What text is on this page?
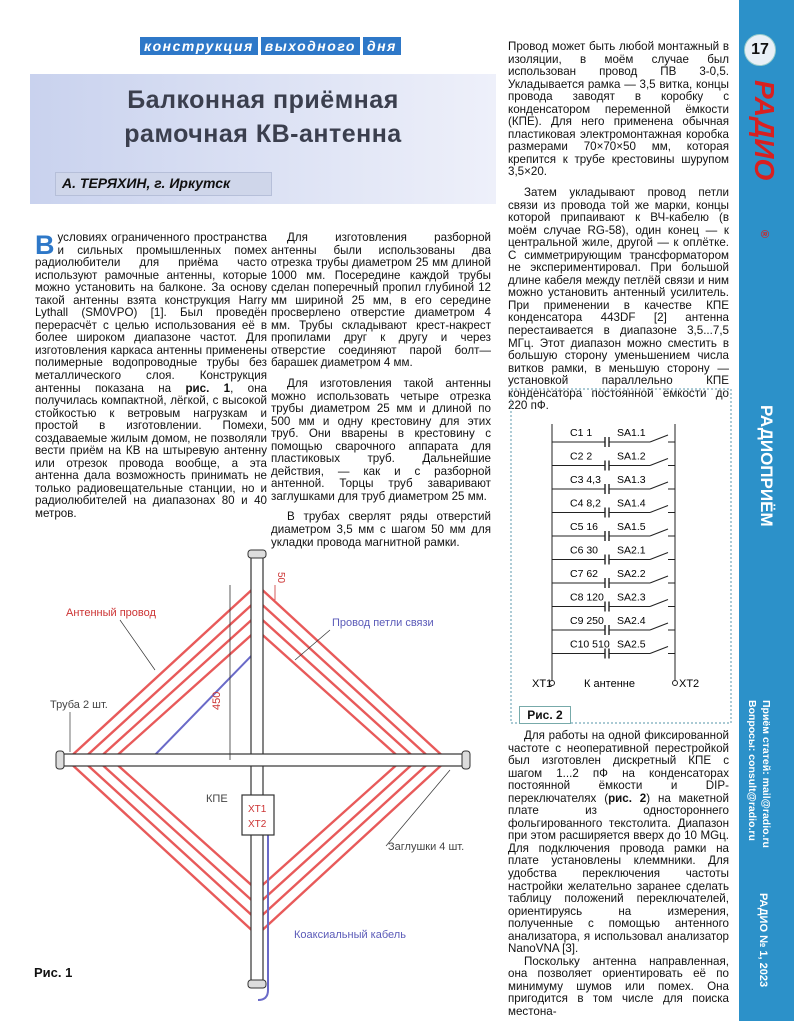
конструкция выходного дня
Балконная приёмная
рамочная КВ-антенна
А. ТЕРЯХИН, г. Иркутск

В условиях ограниченного пространства и сильных промышленных помех радиолюбители для приёма часто используют рамочные антенны, которые можно установить на балконе. За основу такой антенны взята конструкция Harry Lythall (SM0VPO) [1]. Был проведён перерасчёт с целью использования её в более широком диапазоне частот. Для изготовления каркаса антенны применены полимерные водопроводные трубы без металлического слоя. Конструкция антенны показана на рис. 1, она получилась компактной, лёгкой, с высокой стойкостью к ветровым нагрузкам и простой в изготовлении. Помехи, создаваемые жилым домом, не позволяли вести приём на КВ на штыревую антенну или отрезок провода вообще, а эта антенна дала возможность принимать не только радиовещательные станции, но и радиолюбителей на диапазонах 80 и 40 метров.

Для изготовления разборной антенны были использованы два отрезка трубы диаметром 25 мм длиной 1000 мм. Посередине каждой трубы сделан поперечный пропил глубиной 12 мм шириной 25 мм, в его середине просверлено отверстие диаметром 4 мм. Трубы складывают крест-накрест пропилами друг к другу и через отверстие соединяют парой болт—барашек диаметром 4 мм.

Для изготовления такой антенны можно использовать четыре отрезка трубы диаметром 25 мм и длиной по 500 мм и одну крестовину для этих труб. Они вварены в крестовину с помощью сварочного аппарата для пластиковых труб. Дальнейшие действия, — как и с разборной антенной. Торцы труб заваривают заглушками для труб диаметром 25 мм.

В трубах сверлят ряды отверстий диаметром 3,5 мм с шагом 50 мм для укладки провода магнитной рамки.

Провод может быть любой монтажный в изоляции, в моём случае был использован провод ПВ 3-0,5. Укладывается рамка — 3,5 витка, концы провода заводят в коробку с конденсатором переменной ёмкости (КПЕ). Для него применена обычная пластиковая электромонтажная коробка размерами 70×70×50 мм, которая крепится к трубе крестовины шурупом 3,5×20.

Затем укладывают провод петли связи из провода той же марки, концы которой припаивают к ВЧ-кабелю (в моём случае RG-58), один конец — к центральной жиле, другой — к оплётке. С симметрирующим трансформатором не экспериментировал. При большой длине кабеля между петлёй связи и ним можно установить антенный усилитель. При применении в качестве КПЕ конденсатора 443DF [2] антенна перестаивается в диапазоне 3,5...7,5 МГц. Этот диапазон можно сместить в большую сторону уменьшением числа витков рамки, в меньшую сторону — установкой параллельно КПЕ конденсатора постоянной ёмкости до 220 пФ.

Для работы на одной фиксированной частоте с неоперативной перестройкой был изготовлен дискретный КПЕ с шагом 1...2 пФ на конденсаторах постоянной ёмкости и DIP-переключателях (рис. 2) на макетной плате из одностороннего фольгированного текстолита. Диапазон при этом расширяется вверх до 10 MGц. Для подключения провода рамки на плате установлены клеммники. Для удобства переключения частоты настройки желательно заранее сделать таблицу положений переключателей, ориентируясь на измерения, полученные с помощью антенного анализатора, я использовал анализатор NanoVNA [3].

Поскольку антенна направленная, она позволяет ориентировать её по минимуму шумов или помех. Она пригодится в том числе для поиска местона-

C1 1 SA1.1
C2 2 SA1.2
C3 4,3 SA1.3
C4 8,2 SA1.4
C5 16 SA1.5
C6 30 SA2.1
C7 62 SA2.2
C8 120 SA2.3
C9 250 SA2.4
C10 510 SA2.5
XT1	XT2
К антенне
Рис. 2
XT1
XT2
50
450
Антенный провод
Провод петли связи
Труба 2 шт.
КПЕ
Заглушки 4 шт.
Коаксиальный кабель
Рис. 1
17
РАДИО
®
РАДИОПРИЁМ
Приём статей: mail@radio.ru
Вопросы: consult@radio.ru
РАДИО № 1, 2023
